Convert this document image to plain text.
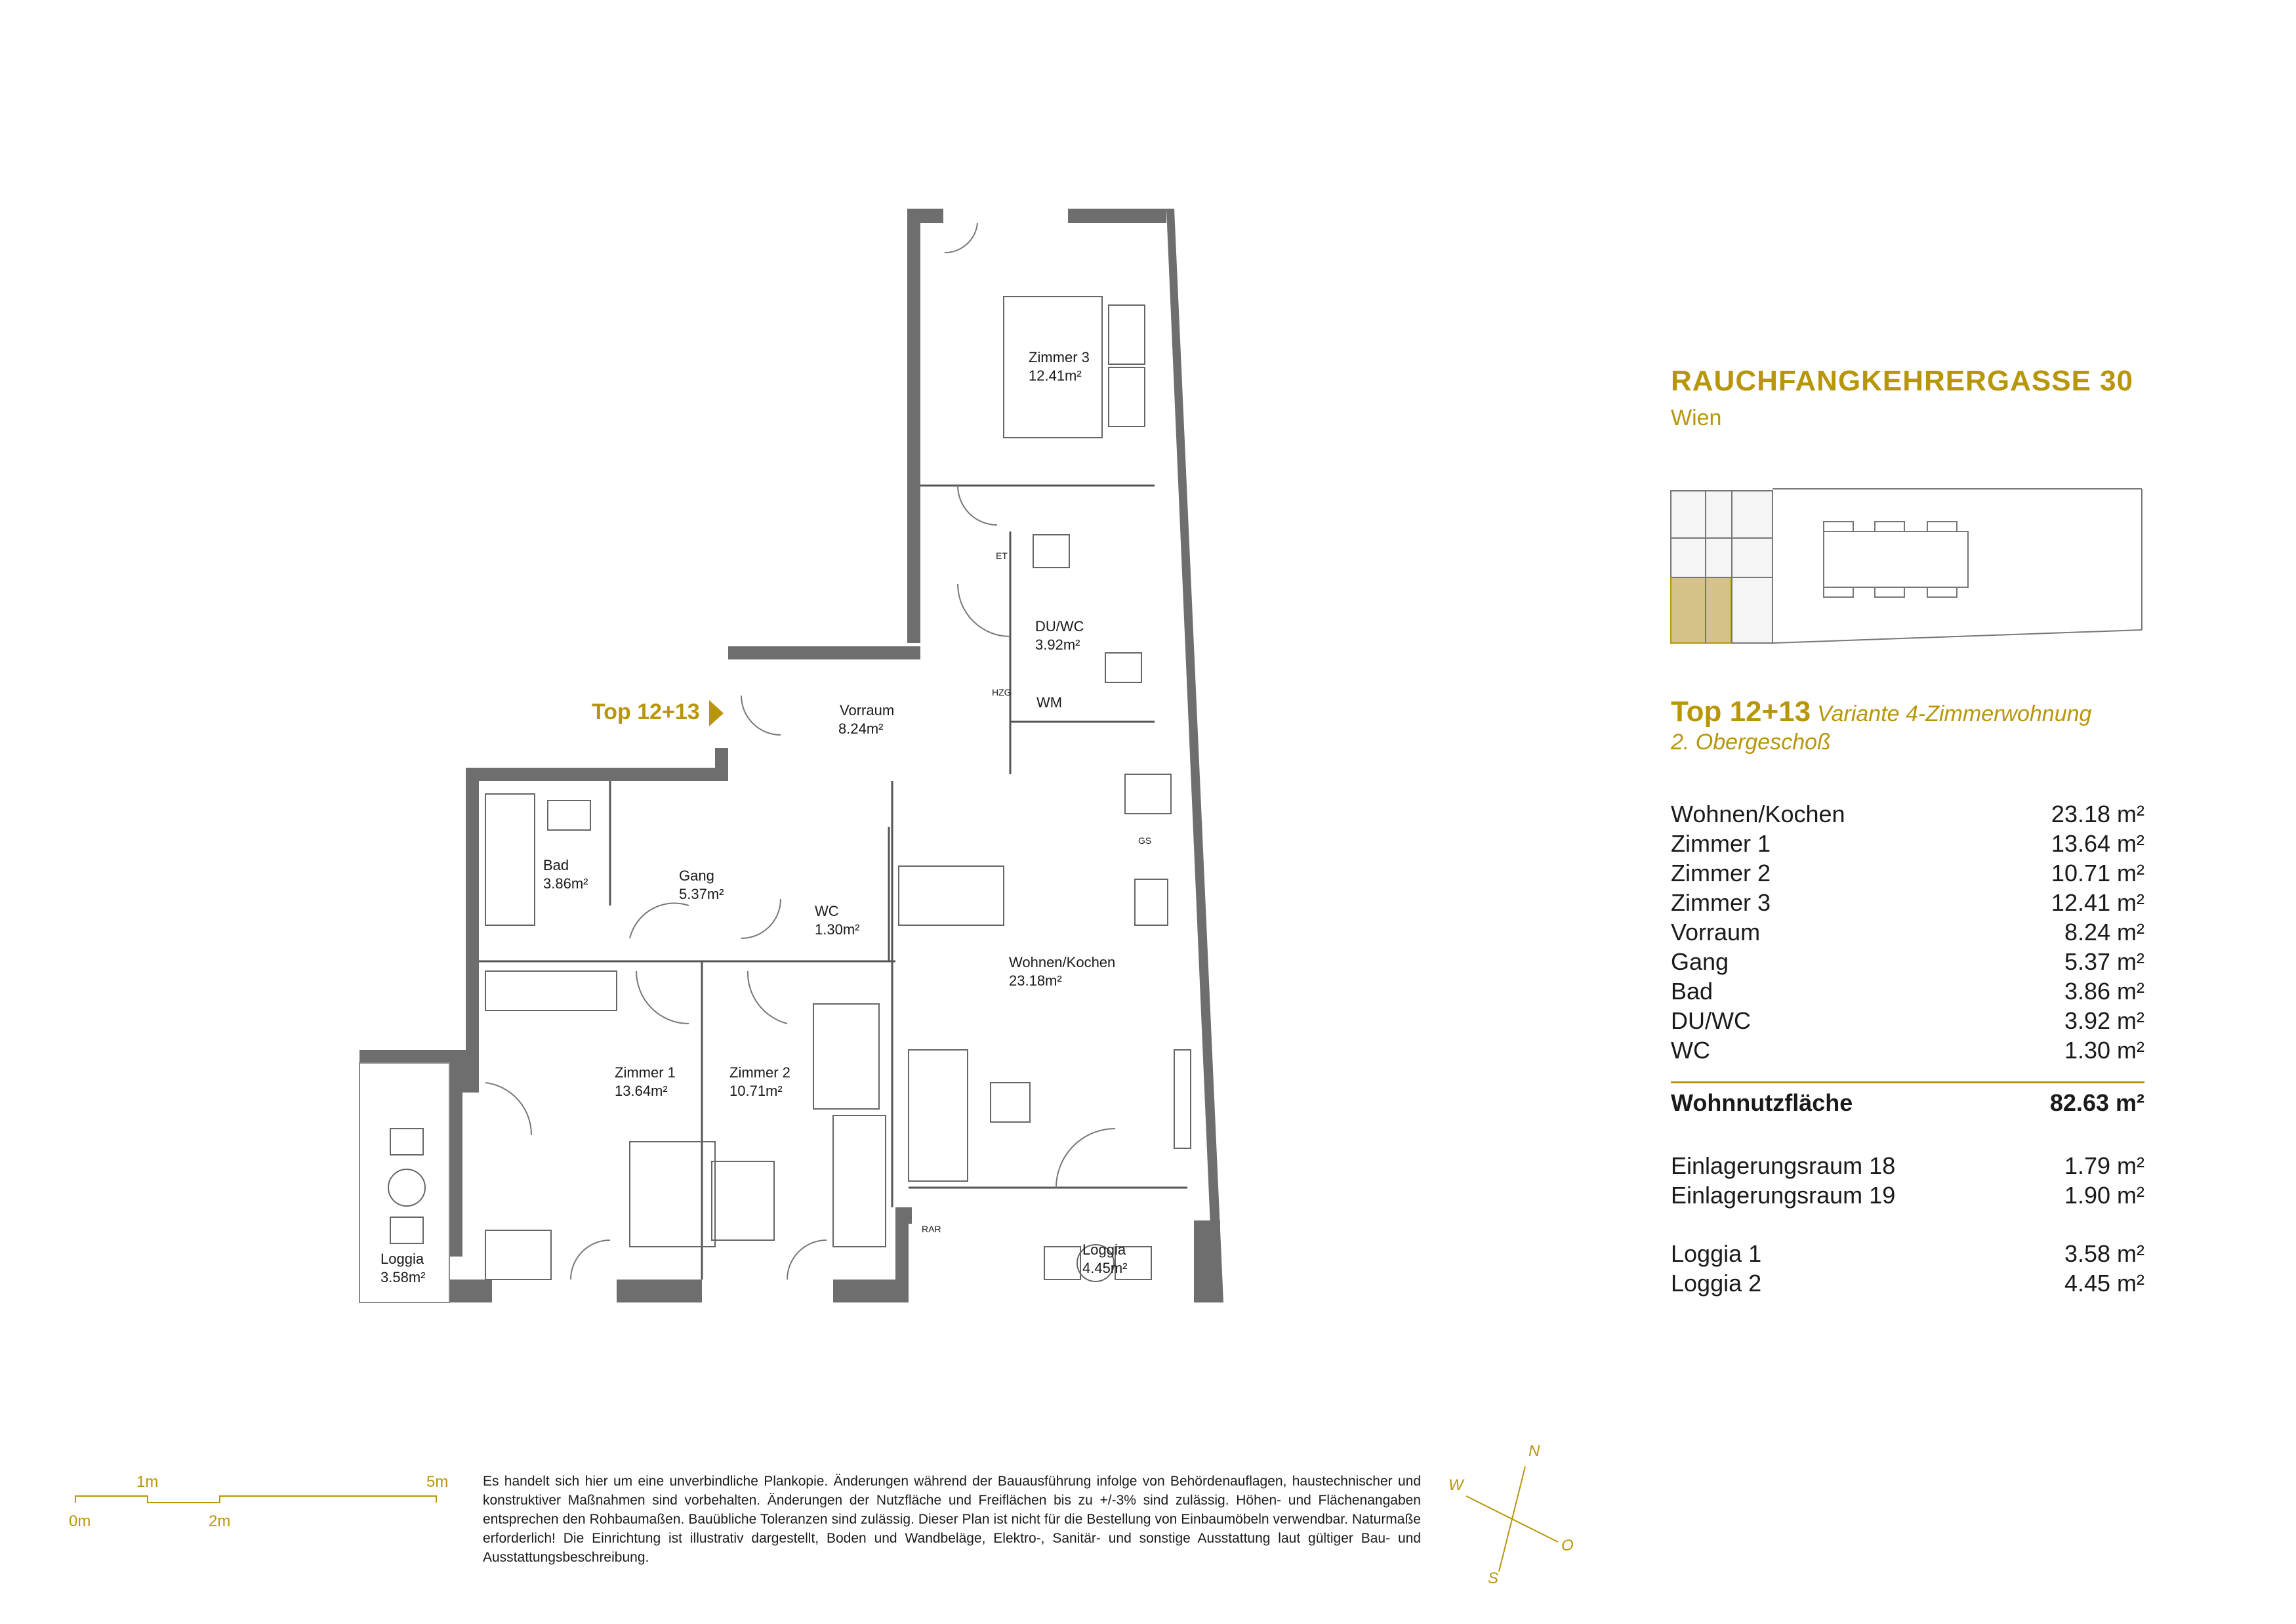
Zimmer 3
12.41m²
DU/WC
3.92m²
Vorraum
8.24m²
Bad
3.86m²	Gang
5.37m²
WC
1.30m²
Wohnen/Kochen
23.18m²
Zimmer 1
13.64m²
Zimmer 2
10.71m²
Loggia
4.45m²
Loggia
3.58m²
WM
ET
HZG
GS
RAR
Top 12+13
RAUCHFANGKEHRERGASSE 30
Wien
Top 12+13 Variante 4-Zimmerwohnung
2. Obergeschoß
Wohnen/Kochen	23.18 m²
Zimmer 1	13.64 m²
Zimmer 2	10.71 m²
Zimmer 3	12.41 m²
Vorraum	8.24 m²
Gang	5.37 m²
Bad	3.86 m²
DU/WC	3.92 m²
WC	1.30 m²
Wohnnutzfläche	82.63 m²
Einlagerungsraum 18	1.79 m²
Einlagerungsraum 19	1.90 m²
Loggia 1	3.58 m²
Loggia 2	4.45 m²
1m	5m
0m	2m
N
O
S
W
Es handelt sich hier um eine unverbindliche Plankopie. Änderungen während der Bauausführung infolge von Behördenauflagen, haustechnischer und konstruktiver Maßnahmen sind vorbehalten. Änderungen der Nutzfläche und Freiflächen bis zu +/-3% sind zulässig. Höhen- und Flächenangaben entsprechen den Rohbaumaßen. Bauübliche Toleranzen sind zulässig. Dieser Plan ist nicht für die Bestellung von Einbaumöbeln verwendbar. Naturmaße erforderlich! Die Einrichtung ist illustrativ dargestellt, Boden und Wandbeläge, Elektro-, Sanitär- und sonstige Ausstattung laut gültiger Bau- und Ausstattungsbeschreibung.
